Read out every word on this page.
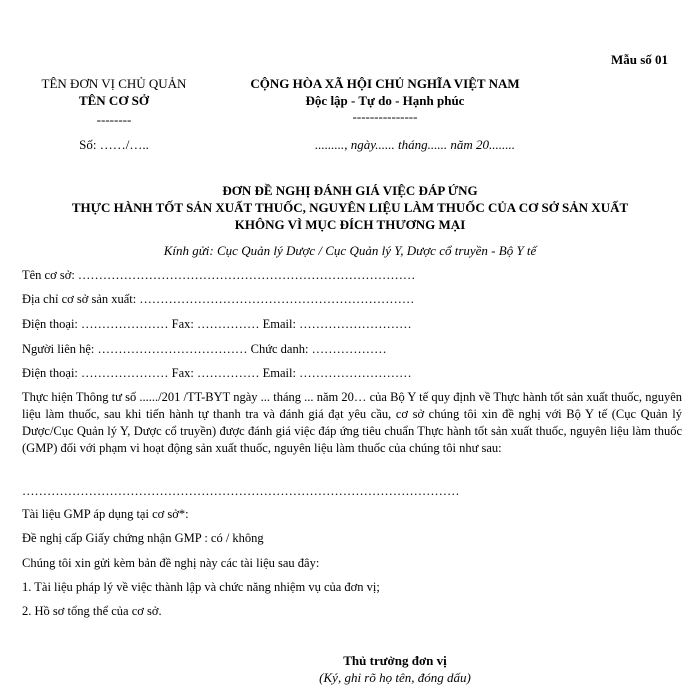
Mẫu số 01
TÊN ĐƠN VỊ CHỦ QUẢN
TÊN CƠ SỞ
--------
Số: ……/…..
CỘNG HÒA XÃ HỘI CHỦ NGHĨA VIỆT NAM
Độc lập - Tự do - Hạnh phúc
---------------
........., ngày...... tháng...... năm 20........
ĐƠN ĐỀ NGHỊ ĐÁNH GIÁ VIỆC ĐÁP ỨNG
THỰC HÀNH TỐT SẢN XUẤT THUỐC, NGUYÊN LIỆU LÀM THUỐC CỦA CƠ SỞ SẢN XUẤT
KHÔNG VÌ MỤC ĐÍCH THƯƠNG MẠI
Kính gửi: Cục Quản lý Dược / Cục Quản lý Y, Dược cổ truyền - Bộ Y tế
Tên cơ sở: ………………………………………………………………………
Địa chỉ cơ sở sản xuất: …………………………………………………………
Điện thoại: ………………… Fax: …………… Email: ………………………
Người liên hệ: ……………………………… Chức danh: ………………
Điện thoại: ………………… Fax: …………… Email: ………………………
Thực hiện Thông tư số ....../201 /TT-BYT ngày ... tháng ... năm 20… của Bộ Y tế quy định về Thực hành tốt sản xuất thuốc, nguyên liệu làm thuốc, sau khi tiến hành tự thanh tra và đánh giá đạt yêu cầu, cơ sở chúng tôi xin đề nghị với Bộ Y tế (Cục Quản lý Dược/Cục Quản lý Y, Dược cổ truyền) được đánh giá việc đáp ứng tiêu chuẩn Thực hành tốt sản xuất thuốc, nguyên liệu làm thuốc (GMP) đối với phạm vi hoạt động sản xuất thuốc, nguyên liệu làm thuốc của chúng tôi như sau:
……………………………………………………………………………………………
Tài liệu GMP áp dụng tại cơ sở*:
Đề nghị cấp Giấy chứng nhận GMP : có / không
Chúng tôi xin gửi kèm bản đề nghị này các tài liệu sau đây:
1. Tài liệu pháp lý về việc thành lập và chức năng nhiệm vụ của đơn vị;
2. Hồ sơ tổng thể của cơ sở.
Thủ trưởng đơn vị
(Ký, ghi rõ họ tên, đóng dấu)
